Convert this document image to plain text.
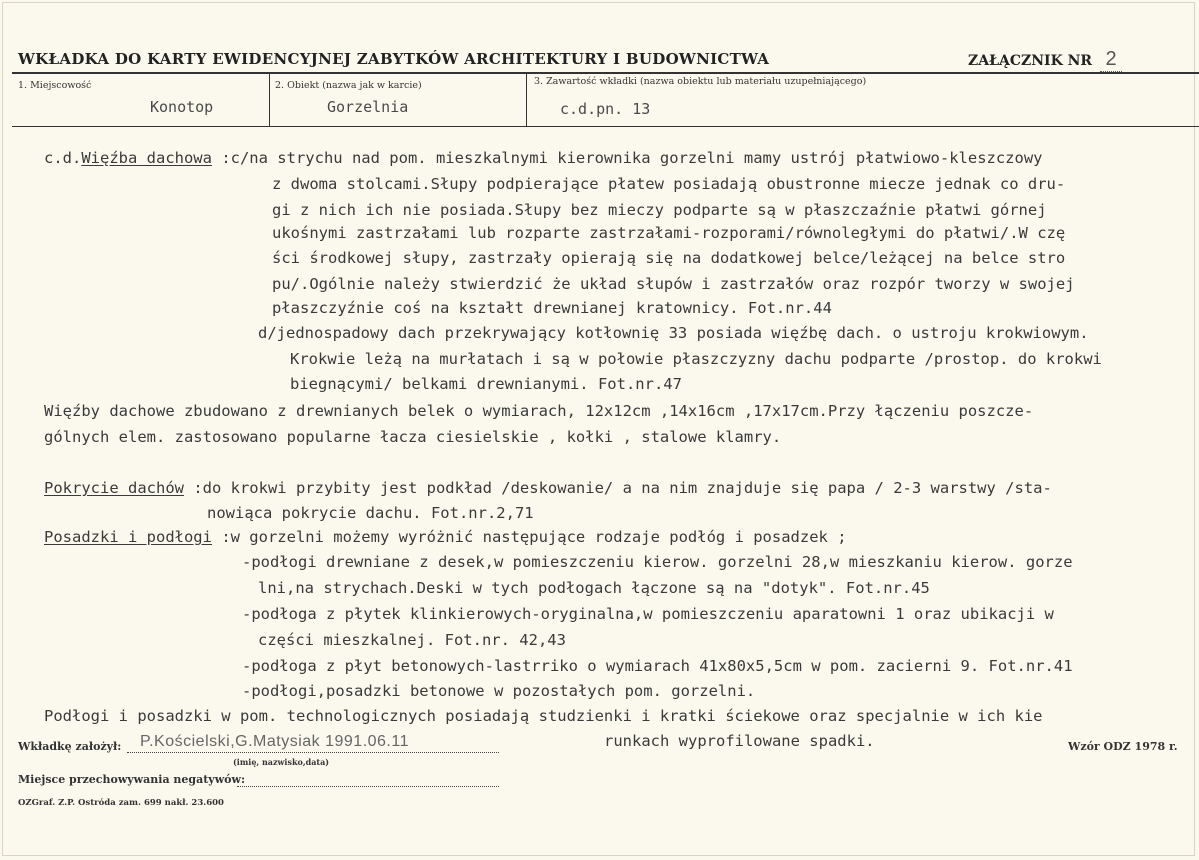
WKŁADKA DO KARTY EWIDENCYJNEJ ZABYTKÓW ARCHITEKTURY I BUDOWNICTWA	ZAŁĄCZNIK NR 2
1. Miejscowość
Konotop
2. Obiekt (nazwa jak w karcie)
Gorzelnia
3. Zawartość wkładki (nazwa obiektu lub materiału uzupełniającego)
c.d.pn. 13
c.d.Więźba dachowa :c/na strychu nad pom. mieszkalnymi kierownika gorzelni mamy ustrój płatwiowo-kleszczowy
z dwoma stolcami.Słupy podpierające płatew posiadają obustronne miecze jednak co dru-
gi z nich ich nie posiada.Słupy bez mieczy podparte są w płaszczaźnie płatwi górnej
ukośnymi zastrzałami lub rozparte zastrzałami-rozporami/równoległymi do płatwi/.W czę
ści środkowej słupy, zastrzały opierają się na dodatkowej belce/leżącej na belce stro
pu/.Ogólnie należy stwierdzić że układ słupów i zastrzałów oraz rozpór tworzy w swojej
płaszczyźnie coś na kształt drewnianej kratownicy. Fot.nr.44
d/jednospadowy dach przekrywający kotłownię 33 posiada więźbę dach. o ustroju krokwiowym.
Krokwie leżą na murłatach i są w połowie płaszczyzny dachu podparte /prostop. do krokwi
biegnącymi/ belkami drewnianymi. Fot.nr.47
Więźby dachowe zbudowano z drewnianych belek o wymiarach, 12x12cm ,14x16cm ,17x17cm.Przy łączeniu poszcze-
gólnych elem. zastosowano popularne łacza ciesielskie , kołki , stalowe klamry.
Pokrycie dachów :do krokwi przybity jest podkład /deskowanie/ a na nim znajduje się papa / 2-3 warstwy /sta-
nowiąca pokrycie dachu. Fot.nr.2,71
Posadzki i podłogi :w gorzelni możemy wyróżnić następujące rodzaje podłóg i posadzek ;
-podłogi drewniane z desek,w pomieszczeniu kierow. gorzelni 28,w mieszkaniu kierow. gorze
lni,na strychach.Deski w tych podłogach łączone są na "dotyk". Fot.nr.45
-podłoga z płytek klinkierowych-oryginalna,w pomieszczeniu aparatowni 1 oraz ubikacji w
części mieszkalnej. Fot.nr. 42,43
-podłoga z płyt betonowych-lastrriko o wymiarach 41x80x5,5cm w pom. zacierni 9. Fot.nr.41
-podłogi,posadzki betonowe w pozostałych pom. gorzelni.
Podłogi i posadzki w pom. technologicznych posiadają studzienki i kratki ściekowe oraz specjalnie w ich kie
runkach wyprofilowane spadki.
Wkładkę założył: P.Kościelski,G.Matysiak 1991.06.11
(imię, nazwisko,data)
Wzór ODZ 1978 r.
Miejsce przechowywania negatywów:
OZGraf. Z.P. Ostróda zam. 699 nakł. 23.600
